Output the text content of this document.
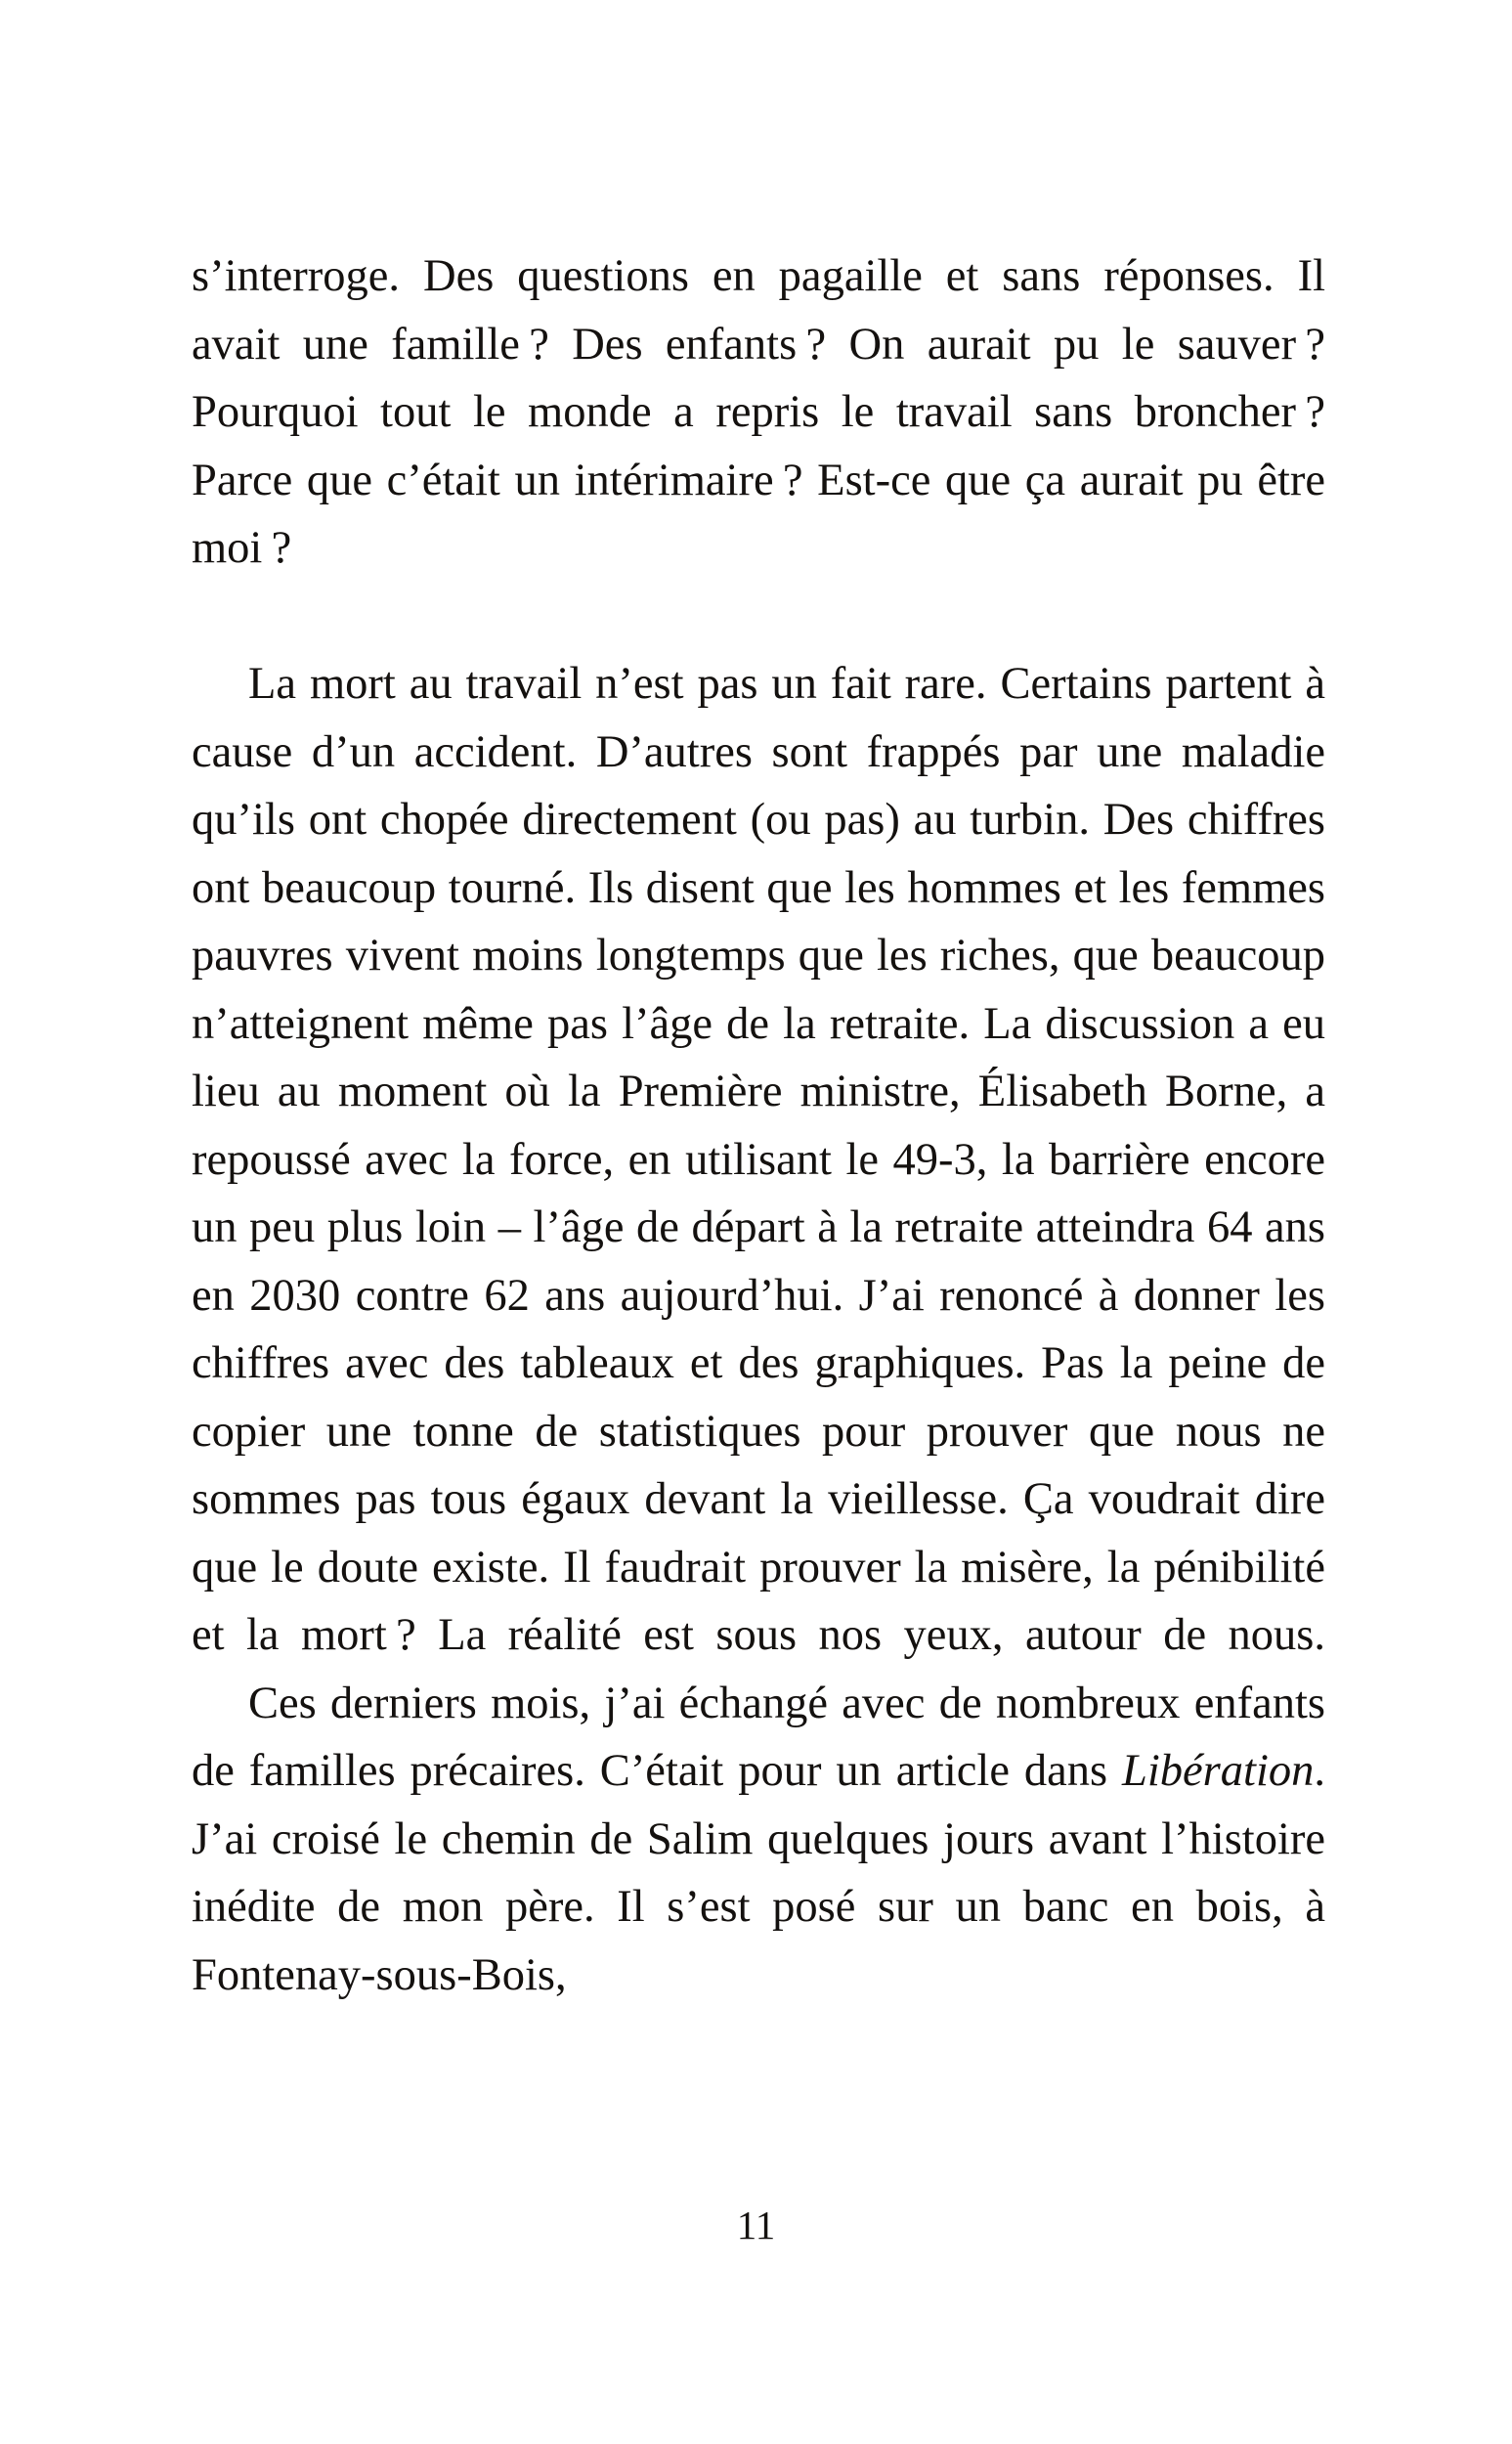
s’interroge. Des questions en pagaille et sans réponses. Il avait une famille ? Des enfants ? On aurait pu le sauver ? Pourquoi tout le monde a repris le travail sans broncher ? Parce que c’était un intérimaire ? Est-ce que ça aurait pu être moi ?

La mort au travail n’est pas un fait rare. Certains partent à cause d’un accident. D’autres sont frappés par une maladie qu’ils ont chopée directement (ou pas) au turbin. Des chiffres ont beaucoup tourné. Ils disent que les hommes et les femmes pauvres vivent moins longtemps que les riches, que beaucoup n’atteignent même pas l’âge de la retraite. La discussion a eu lieu au moment où la Première ministre, Élisabeth Borne, a repoussé avec la force, en utilisant le 49-3, la barrière encore un peu plus loin – l’âge de départ à la retraite atteindra 64 ans en 2030 contre 62 ans aujourd’hui. J’ai renoncé à donner les chiffres avec des tableaux et des graphiques. Pas la peine de copier une tonne de statistiques pour prouver que nous ne sommes pas tous égaux devant la vieillesse. Ça voudrait dire que le doute existe. Il faudrait prouver la misère, la pénibilité et la mort ? La réalité est sous nos yeux, autour de nous.

Ces derniers mois, j’ai échangé avec de nombreux enfants de familles précaires. C’était pour un article dans Libération. J’ai croisé le chemin de Salim quelques jours avant l’histoire inédite de mon père. Il s’est posé sur un banc en bois, à Fontenay-sous-Bois,

11
